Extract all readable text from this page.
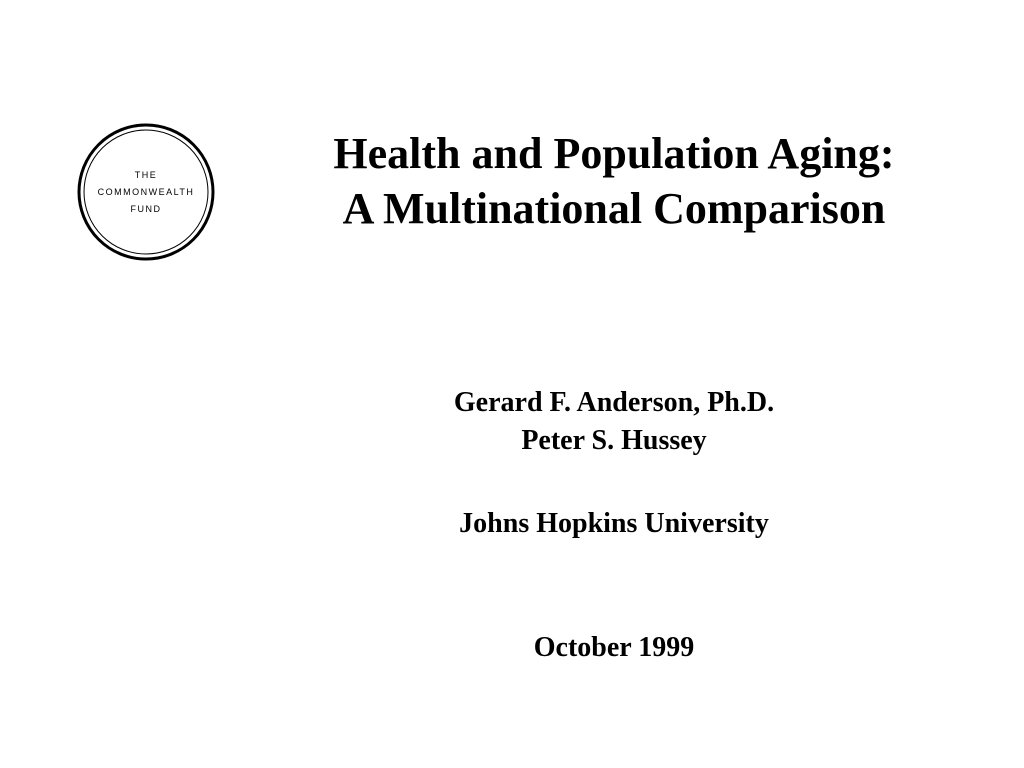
THE
COMMONWEALTH
FUND
Health and Population Aging:
A Multinational Comparison
Gerard F. Anderson, Ph.D.
Peter S. Hussey
Johns Hopkins University
October 1999
